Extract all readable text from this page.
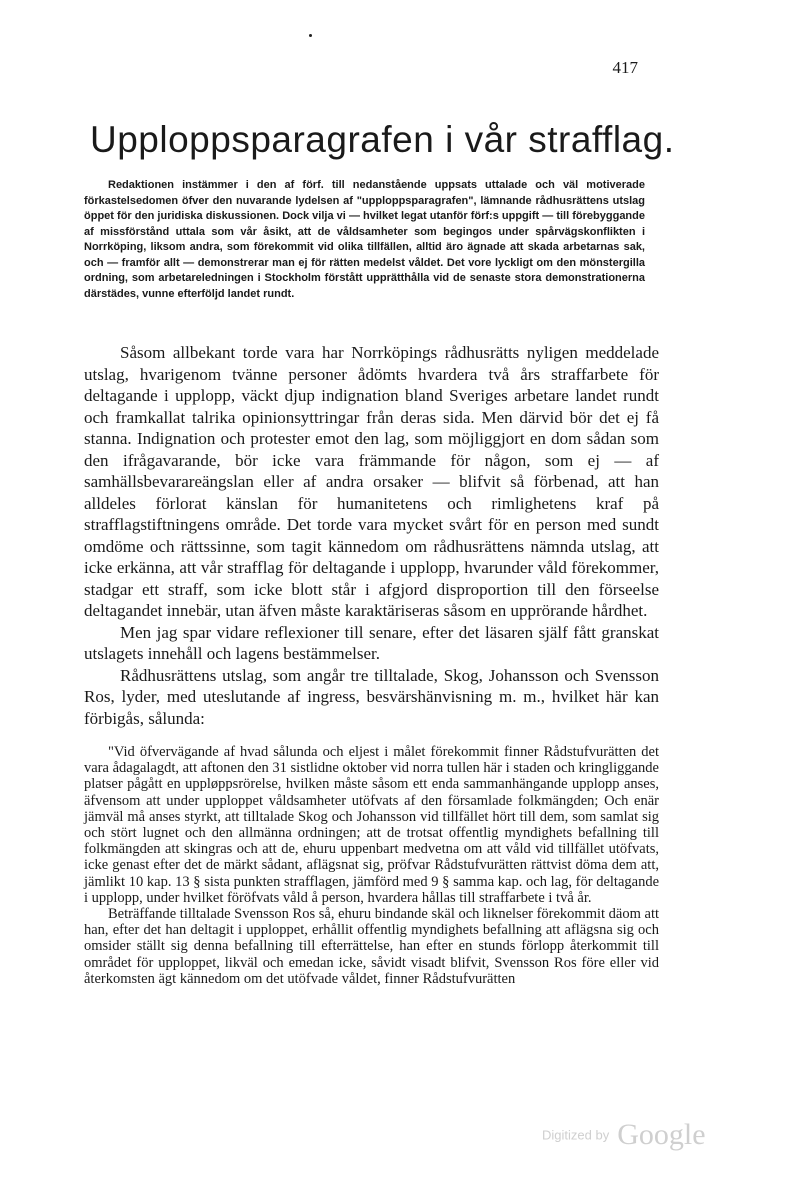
417
Upploppsparagrafen i vår strafflag.

Redaktionen instämmer i den af förf. till nedanstående uppsats uttalade och väl motiverade förkastelsedomen öfver den nuvarande lydelsen af "upploppsparagrafen", lämnande rådhusrättens utslag öppet för den juridiska diskussionen. Dock vilja vi — hvilket legat utanför förf:s uppgift — till förebyggande af missförstånd uttala som vår åsikt, att de våldsamheter som begingos under spårvägskonflikten i Norrköping, liksom andra, som förekommit vid olika tillfällen, alltid äro ägnade att skada arbetarnas sak, och — framför allt — demonstrerar man ej för rätten medelst våldet. Det vore lyckligt om den mönstergilla ordning, som arbetareledningen i Stockholm förstått upprätthålla vid de senaste stora demonstrationerna därstädes, vunne efterföljd landet rundt.

Såsom allbekant torde vara har Norrköpings rådhusrätts nyligen meddelade utslag, hvarigenom tvänne personer ådömts hvardera två års straffarbete för deltagande i upplopp, väckt djup indignation bland Sveriges arbetare landet rundt och framkallat talrika opinionsyttringar från deras sida. Men därvid bör det ej få stanna. Indignation och protester emot den lag, som möjliggjort en dom sådan som den ifrågavarande, bör icke vara främmande för någon, som ej — af samhällsbevarareängslan eller af andra orsaker — blifvit så förbenad, att han alldeles förlorat känslan för humanitetens och rimlighetens kraf på strafflagstiftningens område. Det torde vara mycket svårt för en person med sundt omdöme och rättssinne, som tagit kännedom om rådhusrättens nämnda utslag, att icke erkänna, att vår strafflag för deltagande i upplopp, hvarunder våld förekommer, stadgar ett straff, som icke blott står i afgjord disproportion till den förseelse deltagandet innebär, utan äfven måste karaktäriseras såsom en upprörande hårdhet.

Men jag spar vidare reflexioner till senare, efter det läsaren själf fått granskat utslagets innehåll och lagens bestämmelser.

Rådhusrättens utslag, som angår tre tilltalade, Skog, Johansson och Svensson Ros, lyder, med uteslutande af ingress, besvärshänvisning m. m., hvilket här kan förbigås, sålunda:

"Vid öfvervägande af hvad sålunda och eljest i målet förekommit finner Rådstufvurätten det vara ådagalagdt, att aftonen den 31 sistlidne oktober vid norra tullen här i staden och kringliggande platser pågått en uppløppsrörelse, hvilken måste såsom ett enda sammanhängande upplopp anses, äfvensom att under upploppet våldsamheter utöfvats af den församlade folkmängden; Och enär jämväl må anses styrkt, att tilltalade Skog och Johansson vid tillfället hört till dem, som samlat sig och stört lugnet och den allmänna ordningen; att de trotsat offentlig myndighets befallning till folkmängden att skingras och att de, ehuru uppenbart medvetna om att våld vid tillfället utöfvats, icke genast efter det de märkt sådant, aflägsnat sig, pröfvar Rådstufvurätten rättvist döma dem att, jämlikt 10 kap. 13 § sista punkten strafflagen, jämförd med 9 § samma kap. och lag, för deltagande i upplopp, under hvilket föröfvats våld å person, hvardera hållas till straffarbete i två år.

Beträffande tilltalade Svensson Ros så, ehuru bindande skäl och liknelser förekommit däom att han, efter det han deltagit i upploppet, erhållit offentlig myndighets befallning att aflägsna sig och omsider ställt sig denna befallning till efterrättelse, han efter en stunds förlopp återkommit till området för upploppet, likväl och emedan icke, såvidt visadt blifvit, Svensson Ros före eller vid återkomsten ägt kännedom om det utöfvade våldet, finner Rådstufvurätten

Digitized by Google
